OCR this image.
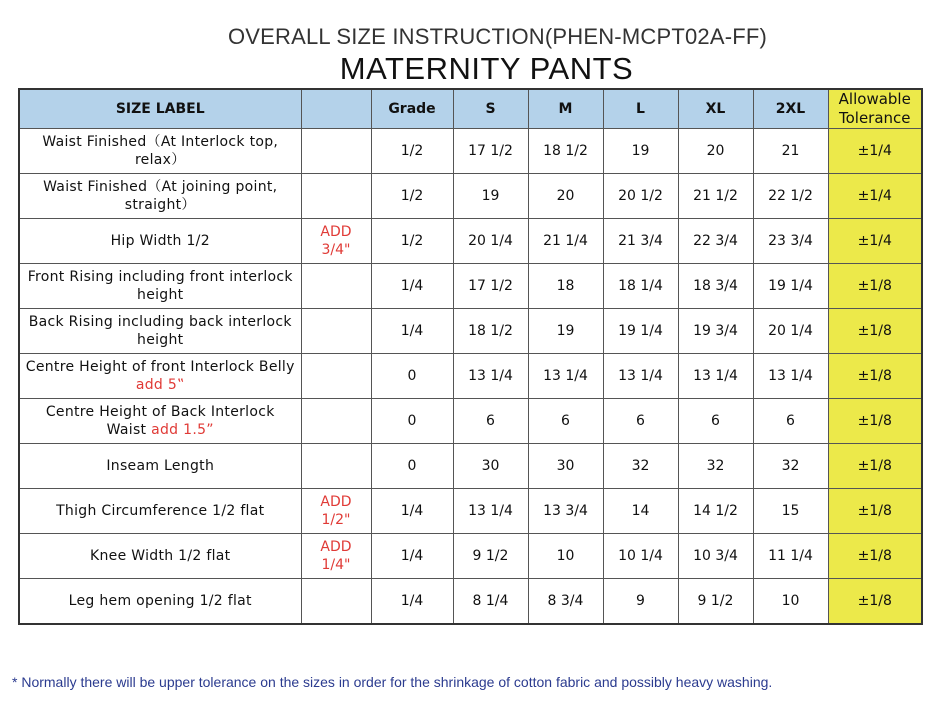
OVERALL SIZE INSTRUCTION(PHEN-MCPT02A-FF)
MATERNITY PANTS
SIZE LABEL		Grade	S	M	L	XL	2XL	Allowable
Tolerance
Waist Finished（At Interlock top, relax）		1/2	17 1/2	18 1/2	19	20	21	±1/4
Waist Finished（At joining point, straight）		1/2	19	20	20 1/2	21 1/2	22 1/2	±1/4
Hip Width 1/2	ADD 3/4"	1/2	20 1/4	21 1/4	21 3/4	22 3/4	23 3/4	±1/4
Front Rising including front interlock height		1/4	17 1/2	18	18 1/4	18 3/4	19 1/4	±1/8
Back Rising including back interlock height		1/4	18 1/2	19	19 1/4	19 3/4	20 1/4	±1/8
Centre Height of front Interlock Belly add 5‟		0	13 1/4	13 1/4	13 1/4	13 1/4	13 1/4	±1/8
Centre Height of Back Interlock Waist add 1.5”		0	6	6	6	6	6	±1/8
Inseam Length		0	30	30	32	32	32	±1/8
Thigh Circumference 1/2 flat	ADD 1/2"	1/4	13 1/4	13 3/4	14	14 1/2	15	±1/8
Knee Width 1/2 flat	ADD 1/4"	1/4	9 1/2	10	10 1/4	10 3/4	11 1/4	±1/8
Leg hem opening 1/2 flat		1/4	8 1/4	8 3/4	9	9 1/2	10	±1/8
* Normally there will be upper tolerance on the sizes in order for the shrinkage of cotton fabric and possibly heavy washing.
